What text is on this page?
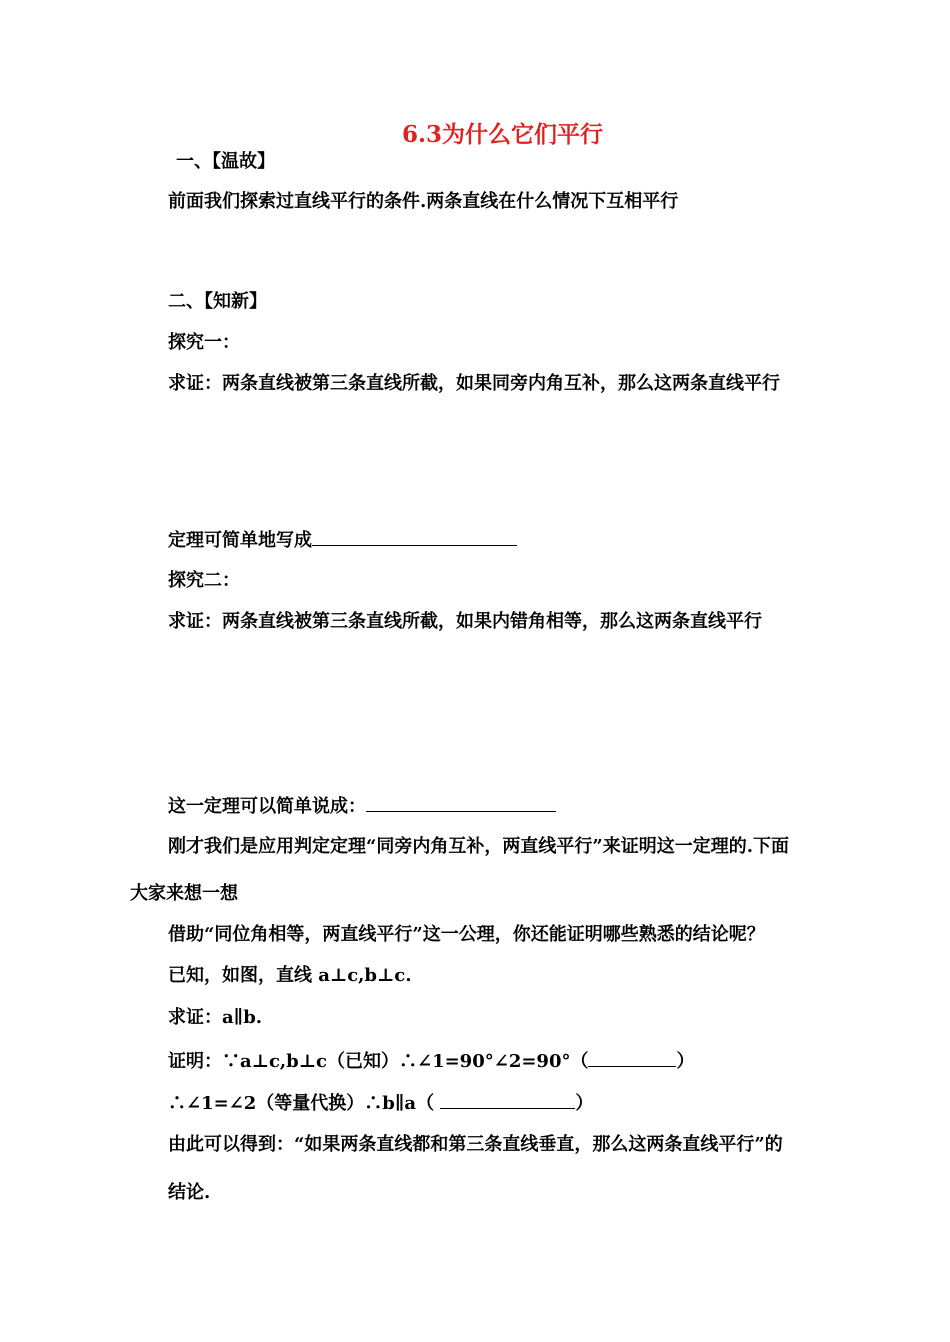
6.3为什么它们平行
一、【温故】
前面我们探索过直线平行的条件.两条直线在什么情况下互相平行
二、【知新】
探究一：
求证：两条直线被第三条直线所截，如果同旁内角互补，那么这两条直线平行
定理可简单地写成
探究二：
求证：两条直线被第三条直线所截，如果内错角相等，那么这两条直线平行
这一定理可以简单说成：
刚才我们是应用判定定理“同旁内角互补，两直线平行”来证明这一定理的.下面
大家来想一想
借助“同位角相等，两直线平行”这一公理，你还能证明哪些熟悉的结论呢？
已知，如图，直线 a⊥c,b⊥c.
求证：a∥b.
证明：∵a⊥c,b⊥c（已知）∴∠1=90°∠2=90°（	）
∴∠1=∠2（等量代换）∴b∥a（	）
由此可以得到：“如果两条直线都和第三条直线垂直，那么这两条直线平行”的
结论.
